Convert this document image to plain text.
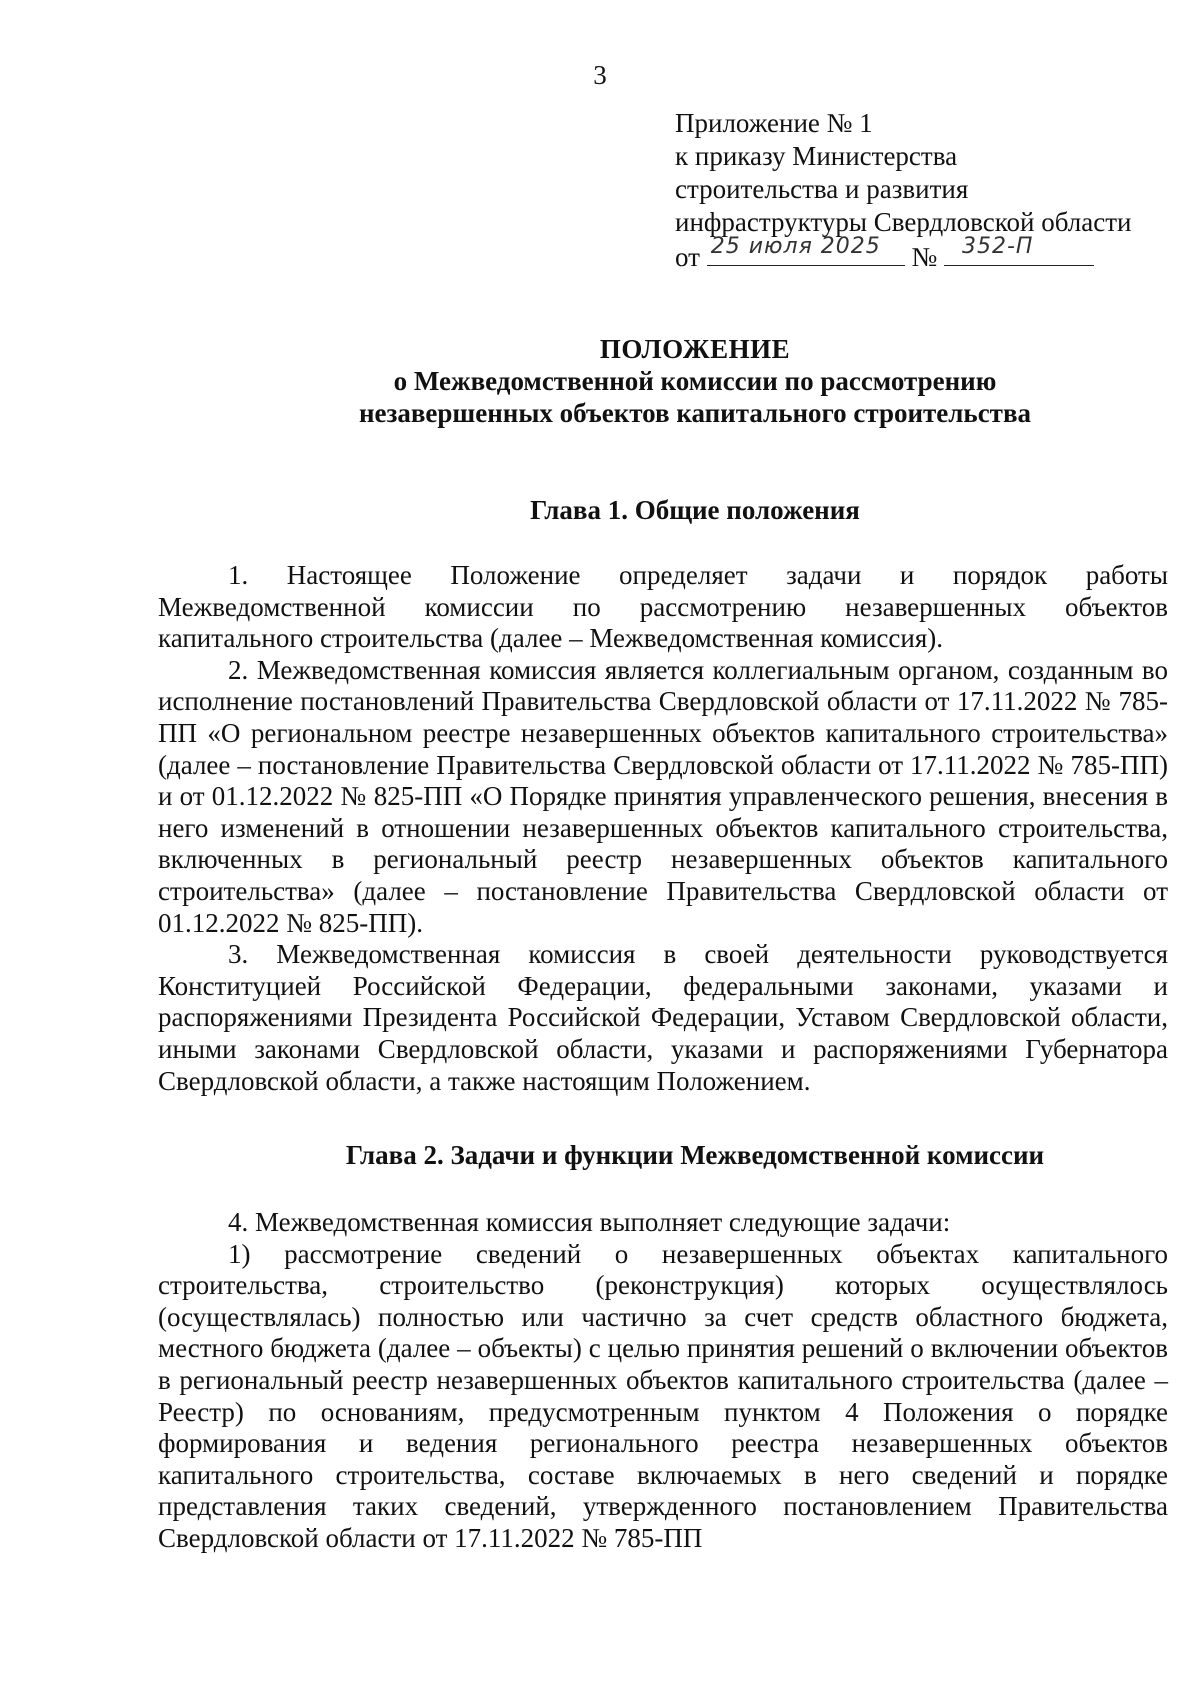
3
Приложение № 1
к приказу Министерства
строительства и развития
инфраструктуры Свердловской области
от 25 июля 2025 № 352-П
ПОЛОЖЕНИЕ
о Межведомственной комиссии по рассмотрению
незавершенных объектов капитального строительства
Глава 1. Общие положения

1. Настоящее Положение определяет задачи и порядок работы Межведомственной комиссии по рассмотрению незавершенных объектов капитального строительства (далее – Межведомственная комиссия).

2. Межведомственная комиссия является коллегиальным органом, созданным во исполнение постановлений Правительства Свердловской области от 17.11.2022 № 785-ПП «О региональном реестре незавершенных объектов капитального строительства» (далее – постановление Правительства Свердловской области от 17.11.2022 № 785-ПП) и от 01.12.2022 № 825-ПП «О Порядке принятия управленческого решения, внесения в него изменений в отношении незавершенных объектов капитального строительства, включенных в региональный реестр незавершенных объектов капитального строительства» (далее – постановление Правительства Свердловской области от 01.12.2022 № 825-ПП).

3. Межведомственная комиссия в своей деятельности руководствуется Конституцией Российской Федерации, федеральными законами, указами и распоряжениями Президента Российской Федерации, Уставом Свердловской области, иными законами Свердловской области, указами и распоряжениями Губернатора Свердловской области, а также настоящим Положением.

Глава 2. Задачи и функции Межведомственной комиссии

4. Межведомственная комиссия выполняет следующие задачи:

1) рассмотрение сведений о незавершенных объектах капитального строительства, строительство (реконструкция) которых осуществлялось (осуществлялась) полностью или частично за счет средств областного бюджета, местного бюджета (далее – объекты) с целью принятия решений о включении объектов в региональный реестр незавершенных объектов капитального строительства (далее – Реестр) по основаниям, предусмотренным пунктом 4 Положения о порядке формирования и ведения регионального реестра незавершенных объектов капитального строительства, составе включаемых в него сведений и порядке представления таких сведений, утвержденного постановлением Правительства Свердловской области от 17.11.2022 № 785-ПП
